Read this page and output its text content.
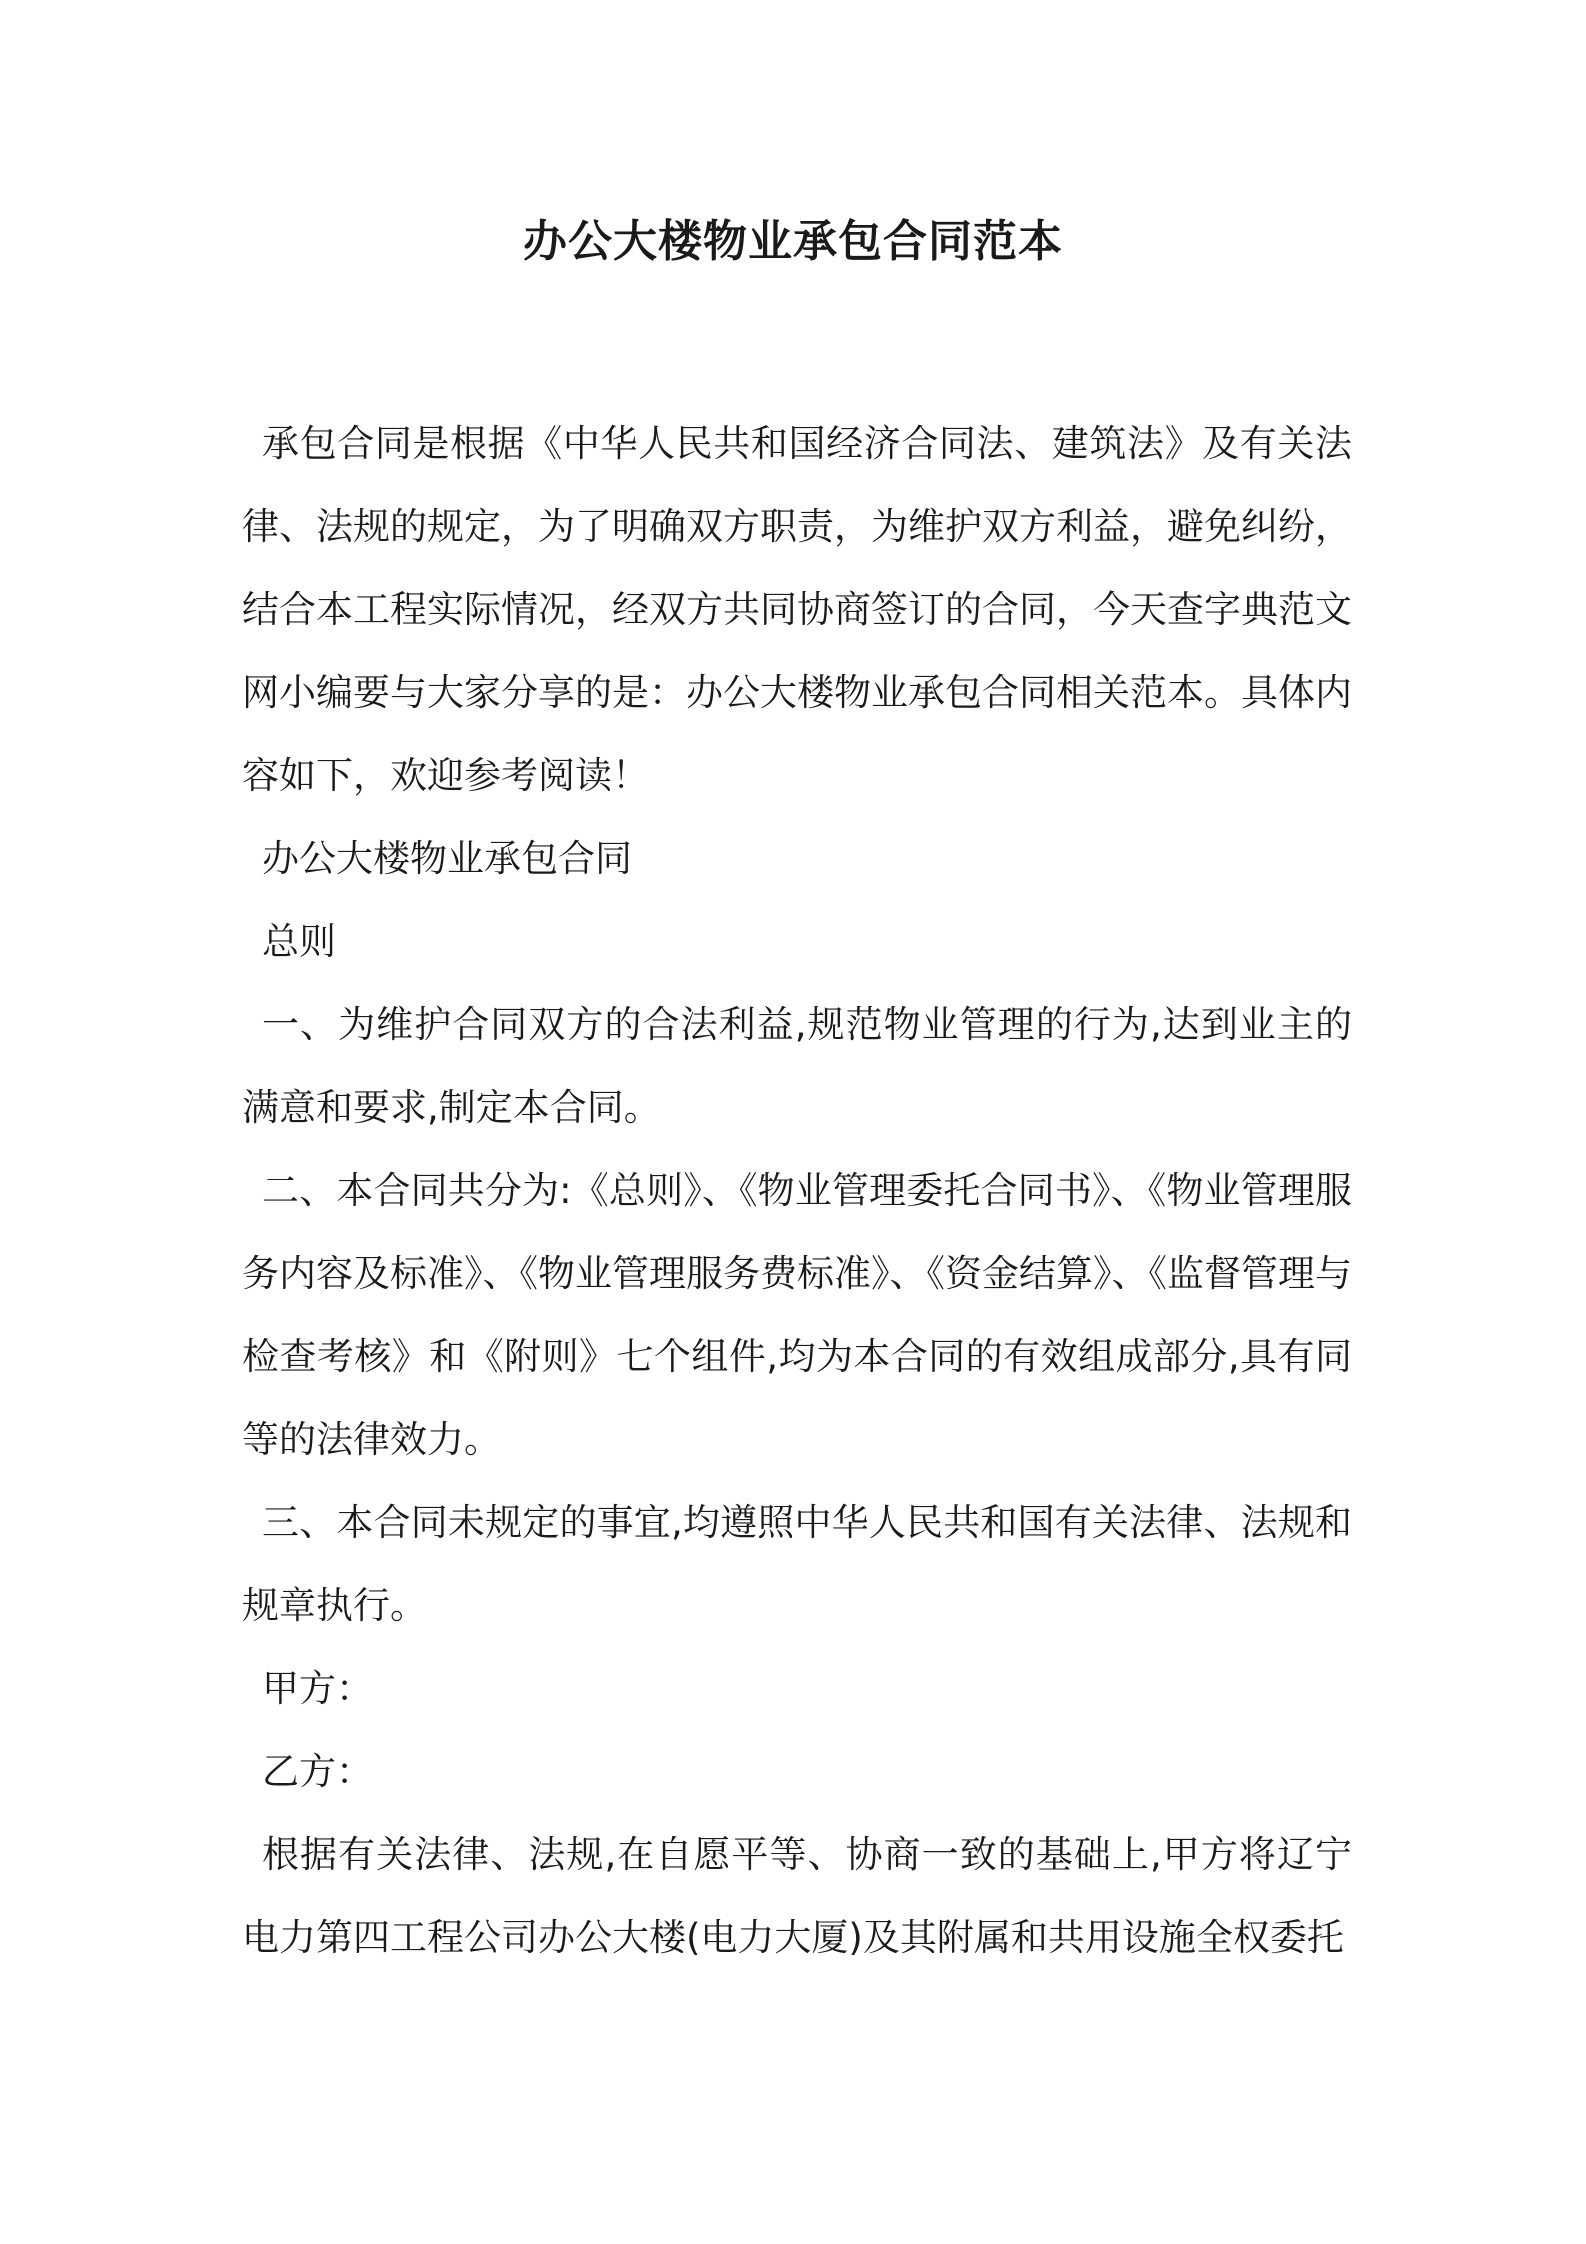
办公大楼物业承包合同范本

承包合同是根据《中华人民共和国经济合同法、建筑法》及有关法律、法规的规定，为了明确双方职责，为维护双方利益，避免纠纷，结合本工程实际情况，经双方共同协商签订的合同，今天查字典范文网小编要与大家分享的是：办公大楼物业承包合同相关范本。具体内容如下，欢迎参考阅读！

办公大楼物业承包合同

总则

一、为维护合同双方的合法利益,规范物业管理的行为,达到业主的满意和要求,制定本合同。

二、本合同共分为:《总则》、《物业管理委托合同书》、《物业管理服务内容及标准》、《物业管理服务费标准》、《资金结算》、《监督管理与检查考核》和《附则》七个组件,均为本合同的有效组成部分,具有同等的法律效力。

三、本合同未规定的事宜,均遵照中华人民共和国有关法律、法规和规章执行。

甲方：

乙方：

根据有关法律、法规,在自愿平等、协商一致的基础上,甲方将辽宁电力第四工程公司办公大楼(电力大厦)及其附属和共用设施全权委托
